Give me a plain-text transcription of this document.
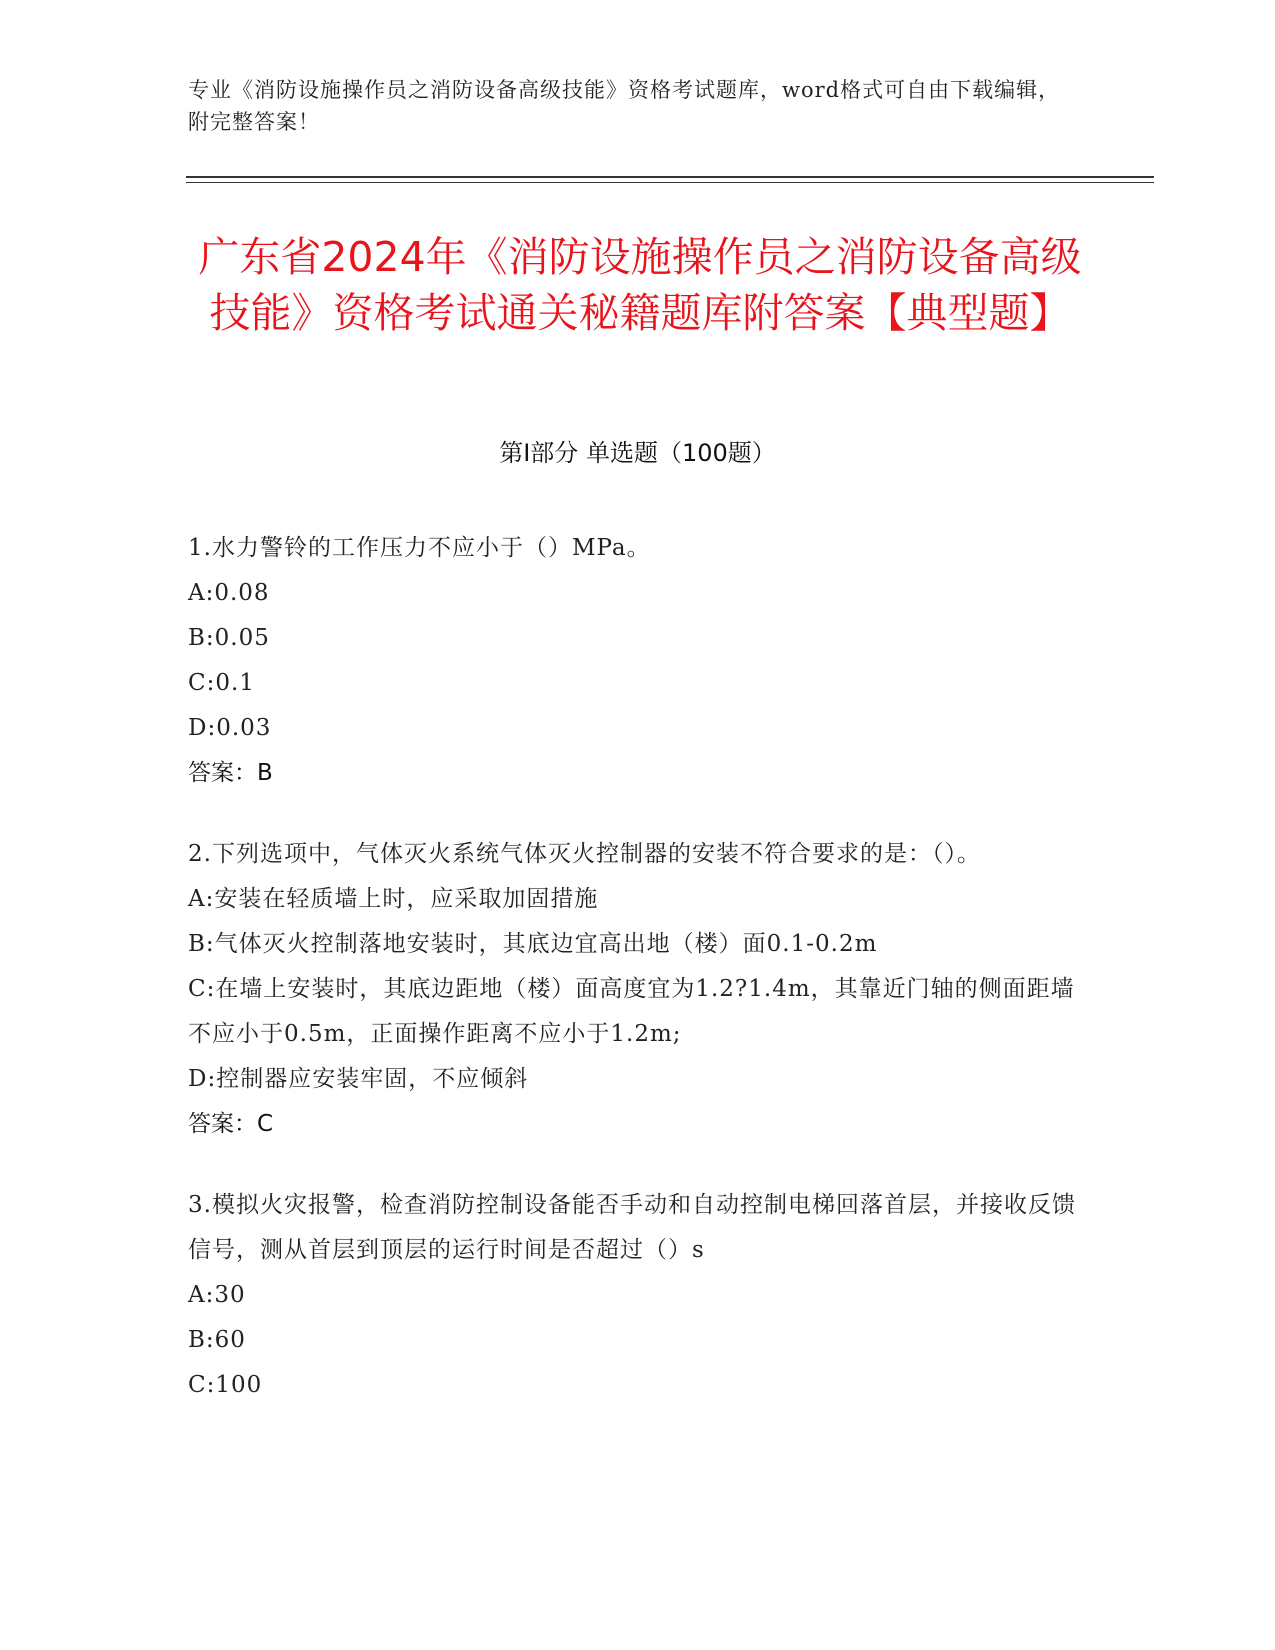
专业《消防设施操作员之消防设备高级技能》资格考试题库，word格式可自由下载编辑，附完整答案！
广东省2024年《消防设施操作员之消防设备高级技能》资格考试通关秘籍题库附答案【典型题】
第Ⅰ部分 单选题（100题）
1.水力警铃的工作压力不应小于（）MPa。
A:0.08
B:0.05
C:0.1
D:0.03
答案：B
2.下列选项中，气体灭火系统气体灭火控制器的安装不符合要求的是：（）。
A:安装在轻质墙上时，应采取加固措施
B:气体灭火控制落地安装时，其底边宜高出地（楼）面0.1-0.2m
C:在墙上安装时，其底边距地（楼）面高度宜为1.2?1.4m，其靠近门轴的侧面距墙不应小于0.5m，正面操作距离不应小于1.2m;
D:控制器应安装牢固，不应倾斜
答案：C
3.模拟火灾报警，检查消防控制设备能否手动和自动控制电梯回落首层，并接收反馈信号，测从首层到顶层的运行时间是否超过（）s
A:30
B:60
C:100
